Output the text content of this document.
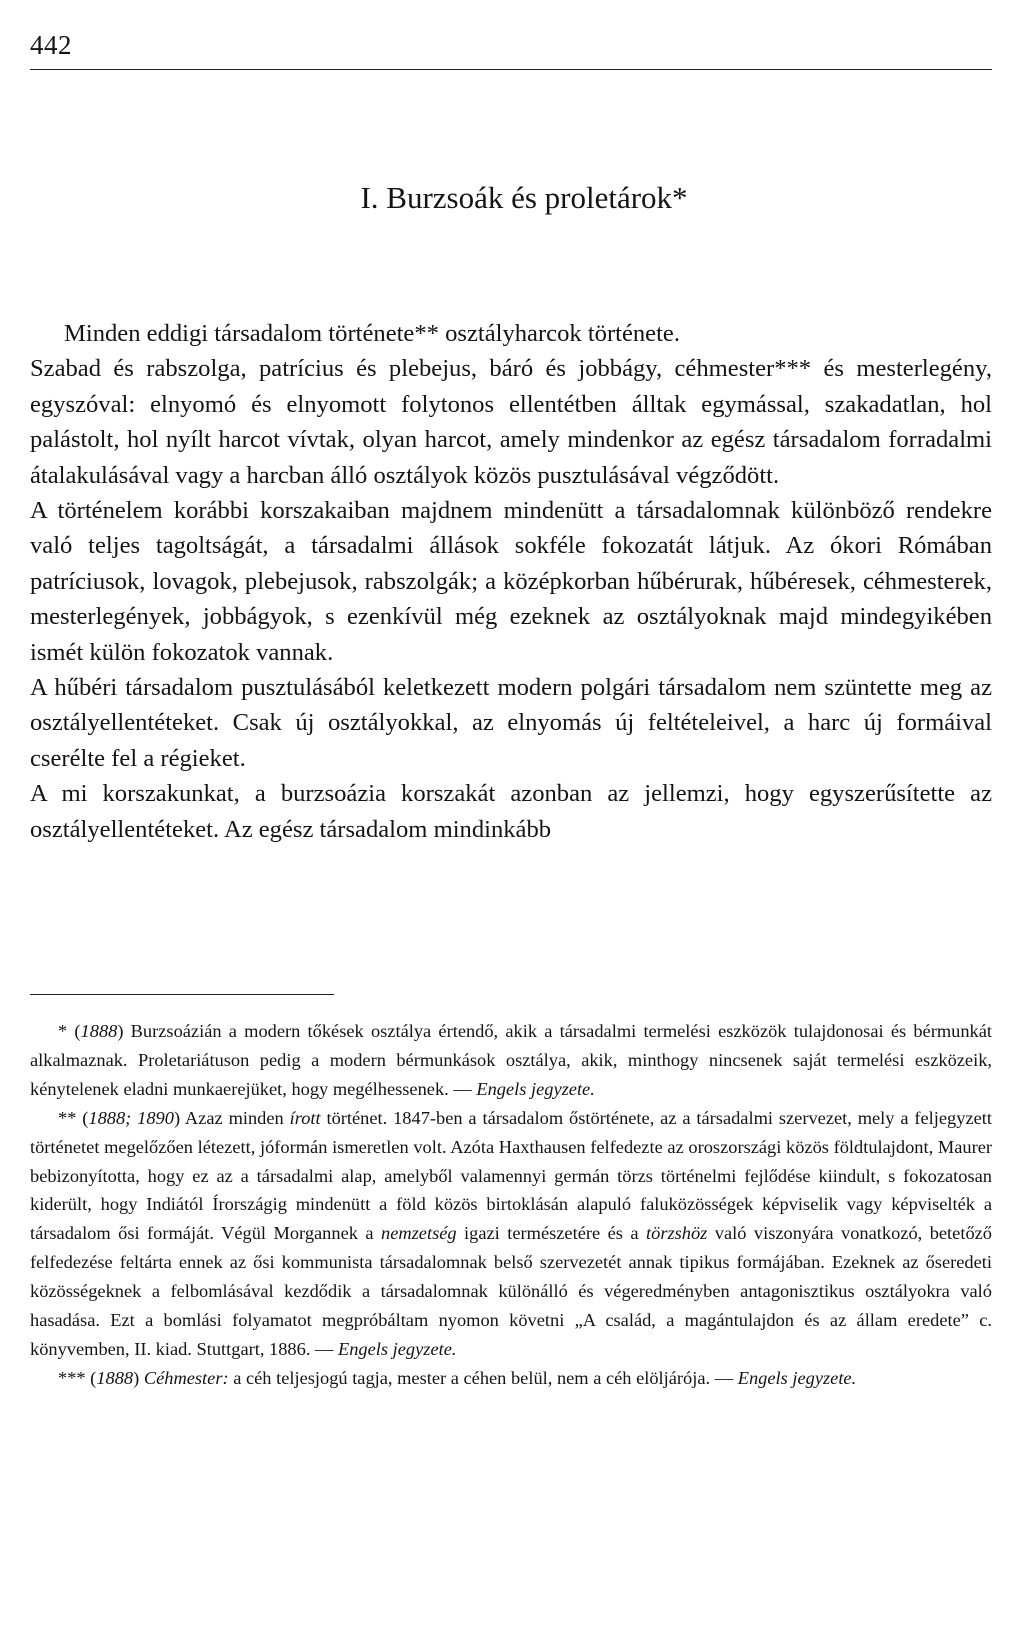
442
I. Burzsoák és proletárok*

Minden eddigi társadalom története** osztályharcok története.

Szabad és rabszolga, patrícius és plebejus, báró és jobbágy, céhmester*** és mesterlegény, egyszóval: elnyomó és elnyomott folytonos ellentétben álltak egymással, szakadatlan, hol palástolt, hol nyílt harcot vívtak, olyan harcot, amely mindenkor az egész társadalom forradalmi átalakulásával vagy a harcban álló osztályok közös pusztulásával végződött.

A történelem korábbi korszakaiban majdnem mindenütt a társadalomnak különböző rendekre való teljes tagoltságát, a társadalmi állások sokféle fokozatát látjuk. Az ókori Rómában patríciusok, lovagok, plebejusok, rabszolgák; a középkorban hűbérurak, hűbéresek, céhmesterek, mesterlegények, jobbágyok, s ezenkívül még ezeknek az osztályoknak majd mindegyikében ismét külön fokozatok vannak.

A hűbéri társadalom pusztulásából keletkezett modern polgári társadalom nem szüntette meg az osztályellentéteket. Csak új osztályokkal, az elnyomás új feltételeivel, a harc új formáival cserélte fel a régieket.

A mi korszakunkat, a burzsoázia korszakát azonban az jellemzi, hogy egyszerűsítette az osztályellentéteket. Az egész társadalom mindinkább

* (1888) Burzsoázián a modern tőkések osztálya értendő, akik a társadalmi termelési eszközök tulajdonosai és bérmunkát alkalmaznak. Proletariátuson pedig a modern bérmunkások osztálya, akik, minthogy nincsenek saját termelési eszközeik, kénytelenek eladni munkaerejüket, hogy megélhessenek. — Engels jegyzete.

** (1888; 1890) Azaz minden írott történet. 1847-ben a társadalom őstörténete, az a társadalmi szervezet, mely a feljegyzett történetet megelőzően létezett, jóformán ismeretlen volt. Azóta Haxthausen felfedezte az oroszországi közös földtulajdont, Maurer bebizonyította, hogy ez az a társadalmi alap, amelyből valamennyi germán törzs történelmi fejlődése kiindult, s fokozatosan kiderült, hogy Indiától Írországig mindenütt a föld közös birtoklásán alapuló faluközösségek képviselik vagy képviselték a társadalom ősi formáját. Végül Morgannek a nemzetség igazi természetére és a törzshöz való viszonyára vonatkozó, betetőző felfedezése feltárta ennek az ősi kommunista társadalomnak belső szervezetét annak tipikus formájában. Ezeknek az őseredeti közösségeknek a felbomlásával kezdődik a társadalomnak különálló és végeredményben antagonisztikus osztályokra való hasadása. Ezt a bomlási folyamatot megpróbáltam nyomon követni „A család, a magántulajdon és az állam eredete” c. könyvemben, II. kiad. Stuttgart, 1886. — Engels jegyzete.

*** (1888) Céhmester: a céh teljesjogú tagja, mester a céhen belül, nem a céh elöljárója. — Engels jegyzete.
